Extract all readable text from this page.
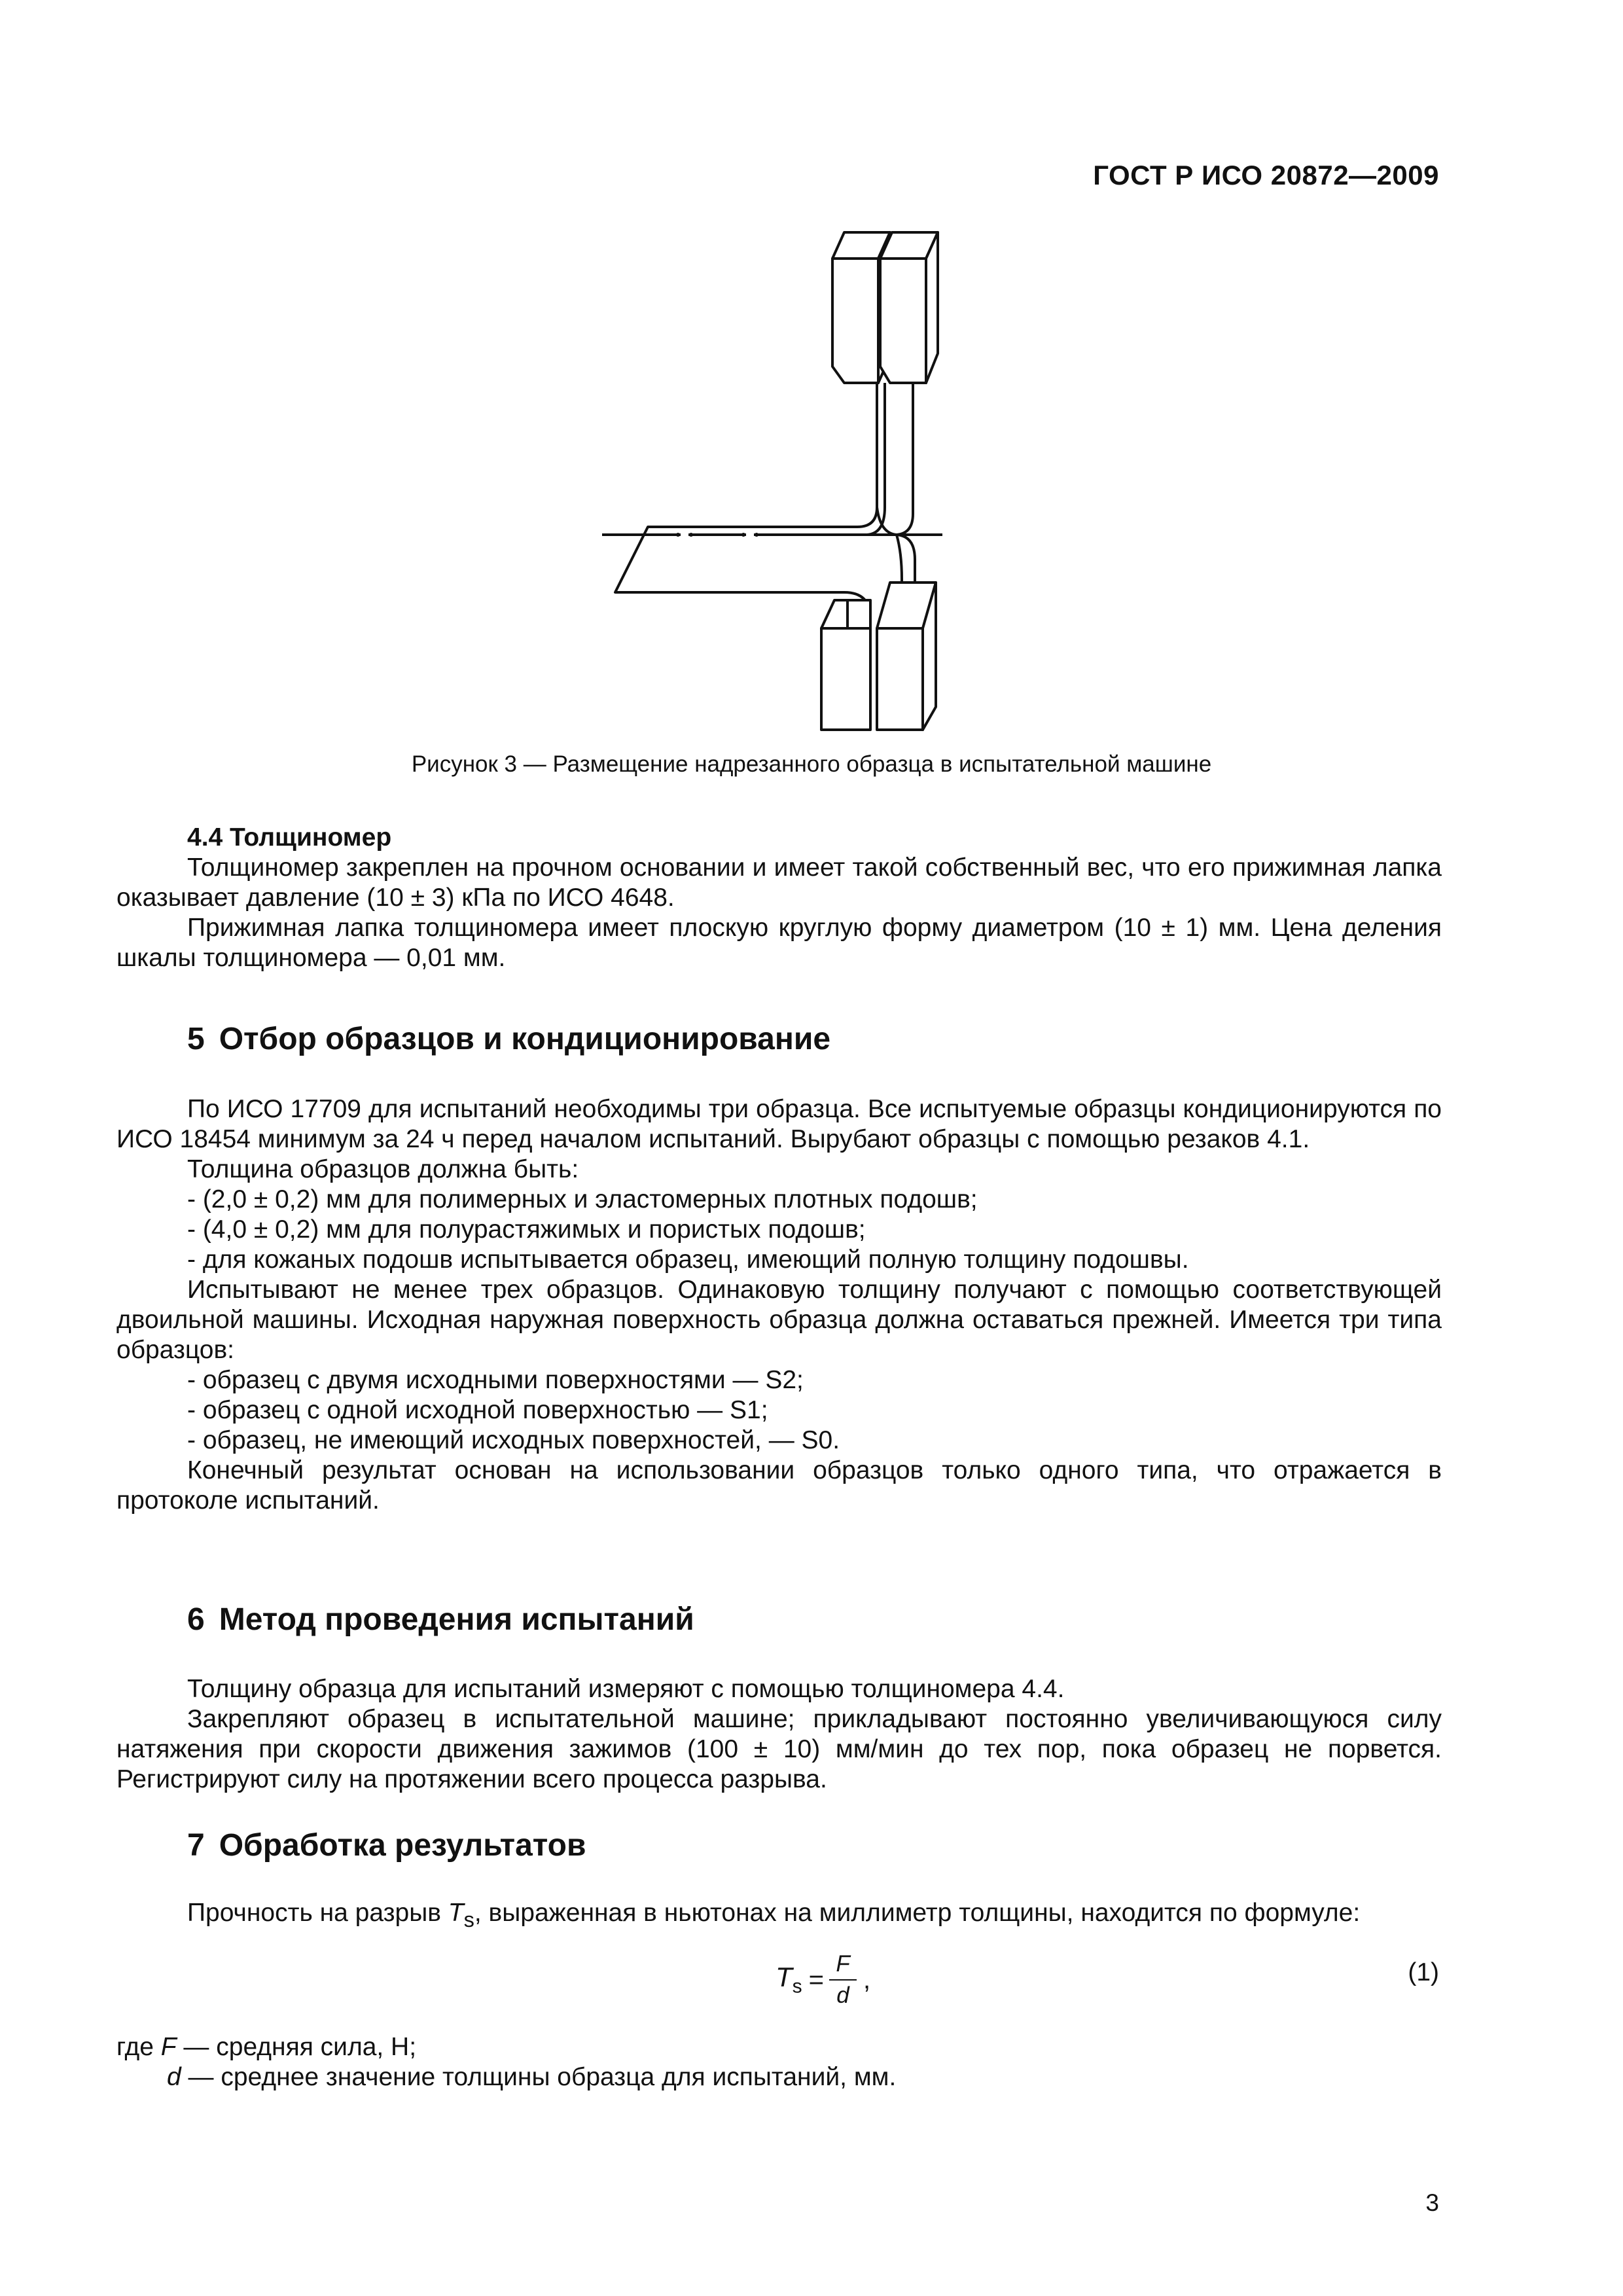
ГОСТ Р ИСО 20872—2009
Рисунок 3 — Размещение надрезанного образца в испытательной машине
4.4 Толщиномер

Толщиномер закреплен на прочном основании и имеет такой собственный вес, что его прижимная лапка оказывает давление (10 ± 3) кПа по ИСО 4648.

Прижимная лапка толщиномера имеет плоскую круглую форму диаметром (10 ± 1) мм. Цена деления шкалы толщиномера — 0,01 мм.

5 Отбор образцов и кондиционирование

По ИСО 17709 для испытаний необходимы три образца. Все испытуемые образцы кондиционируются по ИСО 18454 минимум за 24 ч перед началом испытаний. Вырубают образцы с помощью резаков 4.1.

Толщина образцов должна быть:

- (2,0 ± 0,2) мм для полимерных и эластомерных плотных подошв;

- (4,0 ± 0,2) мм для полурастяжимых и пористых подошв;

- для кожаных подошв испытывается образец, имеющий полную толщину подошвы.

Испытывают не менее трех образцов. Одинаковую толщину получают с помощью соответствующей двоильной машины. Исходная наружная поверхность образца должна оставаться прежней. Имеется три типа образцов:

- образец с двумя исходными поверхностями — S2;

- образец с одной исходной поверхностью — S1;

- образец, не имеющий исходных поверхностей, — S0.

Конечный результат основан на использовании образцов только одного типа, что отражается в протоколе испытаний.

6 Метод проведения испытаний

Толщину образца для испытаний измеряют с помощью толщиномера 4.4.

Закрепляют образец в испытательной машине; прикладывают постоянно увеличивающуюся силу натяжения при скорости движения зажимов (100 ± 10) мм/мин до тех пор, пока образец не порвется. Регистрируют силу на протяжении всего процесса разрыва.

7 Обработка результатов

Прочность на разрыв $T_s$, выраженная в ньютонах на миллиметр толщины, находится по формуле:

$T_s$ =
F
d
,	(1)

где F — средняя сила, Н;

d — среднее значение толщины образца для испытаний, мм.

3
